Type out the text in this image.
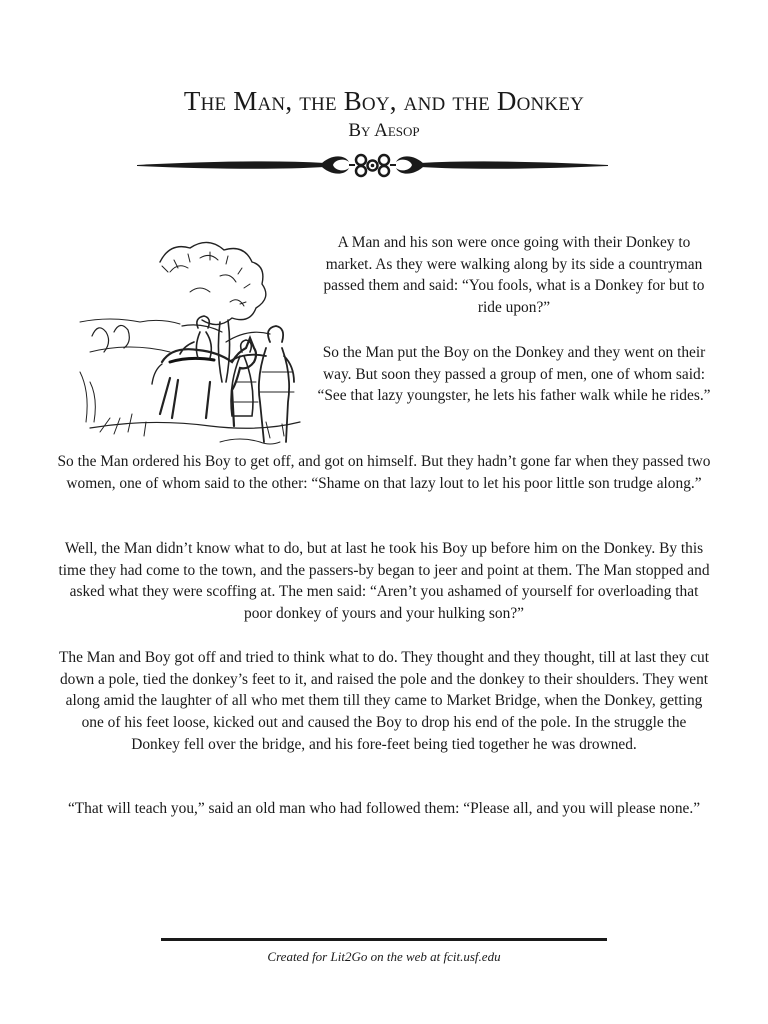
The Man, the Boy, and the Donkey

By Aesop

A Man and his son were once going with their Donkey to market. As they were walking along by its side a countryman passed them and said: “You fools, what is a Donkey for but to ride upon?”

So the Man put the Boy on the Donkey and they went on their way. But soon they passed a group of men, one of whom said: “See that lazy youngster, he lets his father walk while he rides.”

So the Man ordered his Boy to get off, and got on himself. But they hadn’t gone far when they passed two women, one of whom said to the other: “Shame on that lazy lout to let his poor little son trudge along.”

Well, the Man didn’t know what to do, but at last he took his Boy up before him on the Donkey. By this time they had come to the town, and the passers-by began to jeer and point at them. The Man stopped and asked what they were scoffing at. The men said: “Aren’t you ashamed of yourself for overloading that poor donkey of yours and your hulking son?”

The Man and Boy got off and tried to think what to do. They thought and they thought, till at last they cut down a pole, tied the donkey’s feet to it, and raised the pole and the donkey to their shoulders. They went along amid the laughter of all who met them till they came to Market Bridge, when the Donkey, getting one of his feet loose, kicked out and caused the Boy to drop his end of the pole. In the struggle the Donkey fell over the bridge, and his fore-feet being tied together he was drowned.

“That will teach you,” said an old man who had followed them: “Please all, and you will please none.”

Created for Lit2Go on the web at fcit.usf.edu
